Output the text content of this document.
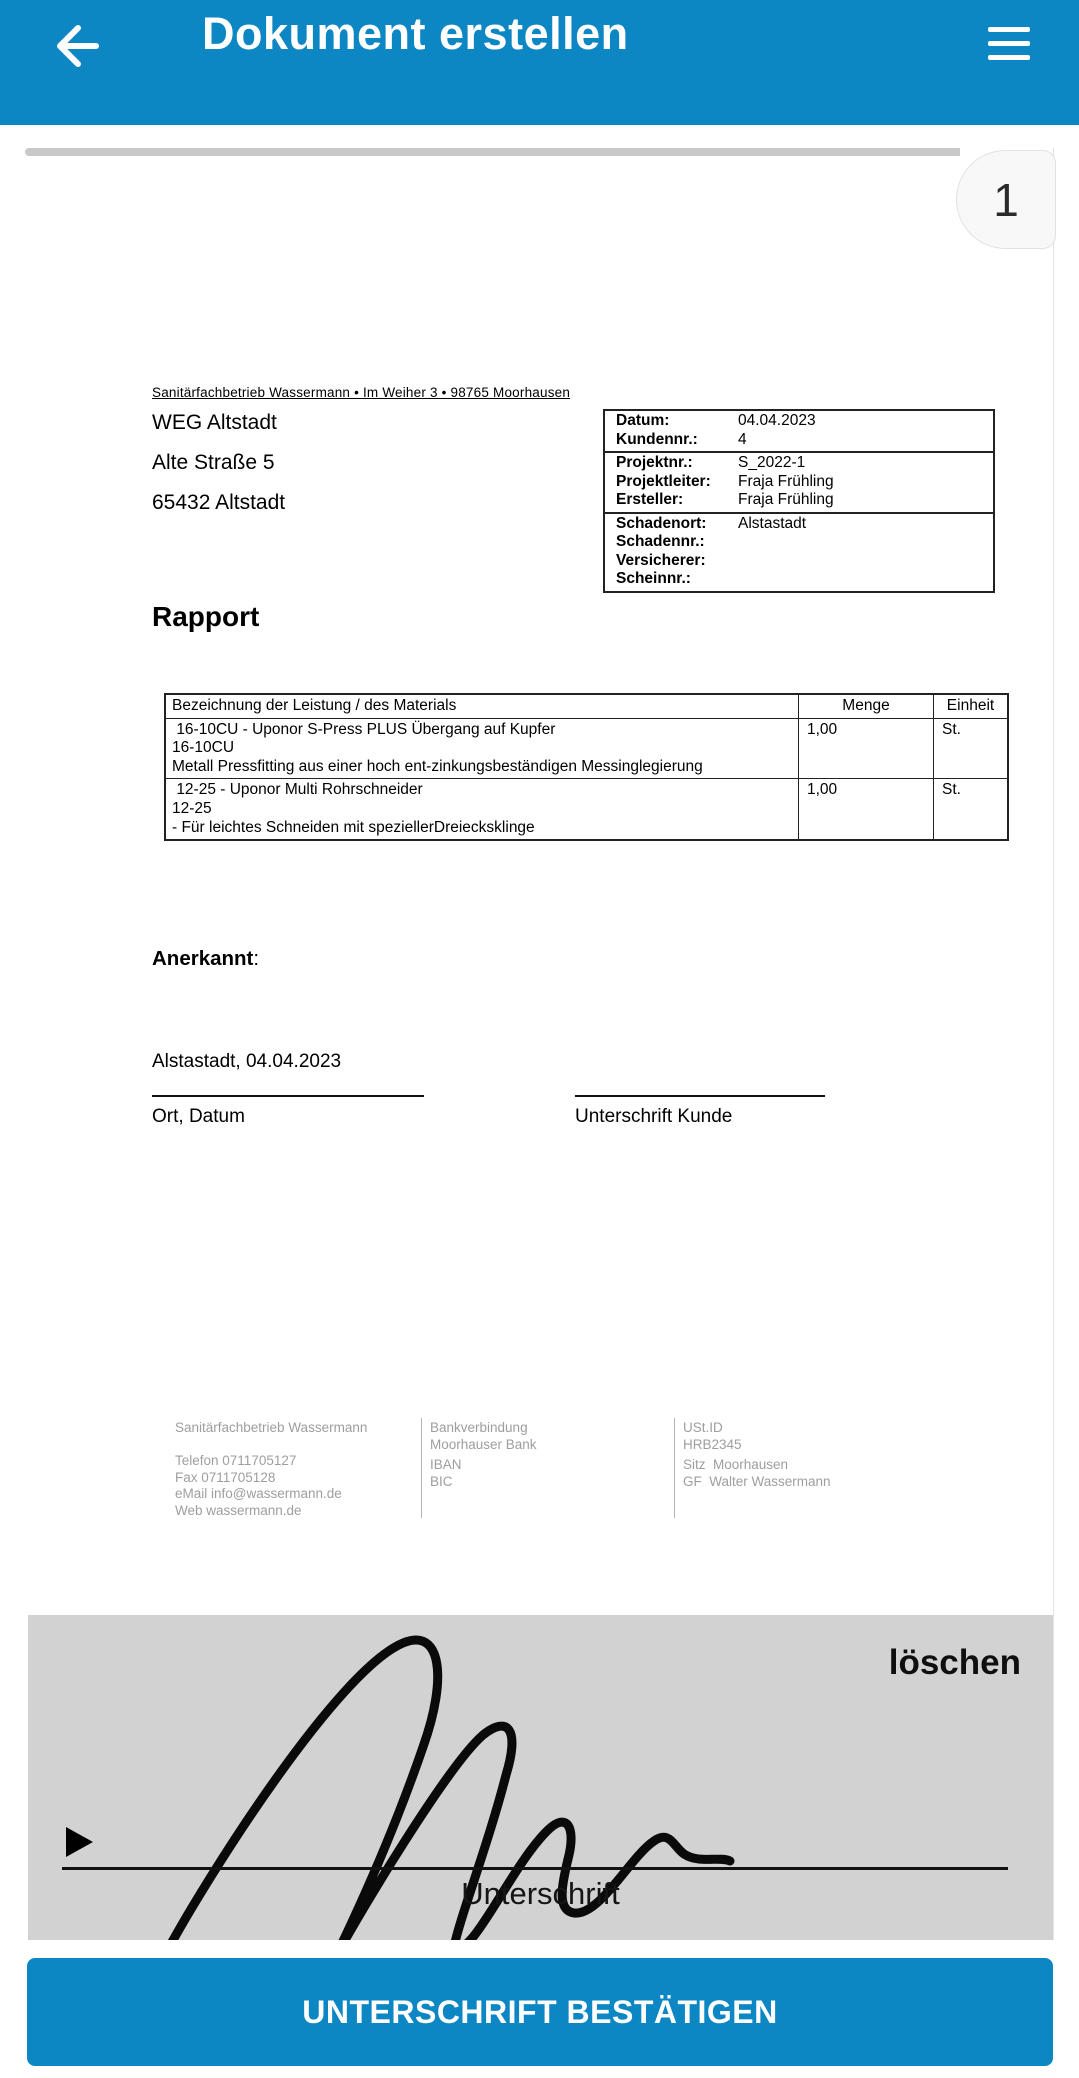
Dokument erstellen
Sanitärfachbetrieb Wassermann • Im Weiher 3 • 98765 Moorhausen
WEG Altstadt
Alte Straße 5
65432 Altstadt
Datum:	04.04.2023
Kundennr.:	4
Projektnr.:	S_2022-1
Projektleiter:	Fraja Frühling
Ersteller:	Fraja Frühling
Schadenort:	Alstastadt
Schadennr.:
Versicherer:
Scheinnr.:
Rapport
Bezeichnung der Leistung / des Materials	Menge	Einheit
16-10CU - Uponor S-Press PLUS Übergang auf Kupfer
16-10CU
Metall Pressfitting aus einer hoch ent-zinkungsbeständigen Messinglegierung
1,00	St.
12-25 - Uponor Multi Rohrschneider
12-25
- Für leichtes Schneiden mit speziellerDreiecksklinge
1,00	St.
Anerkannt:
Alstastadt, 04.04.2023
Ort, Datum	Unterschrift Kunde
Sanitärfachbetrieb Wassermann
Telefon 0711705127
Fax 0711705128
eMail info@wassermann.de
Web wassermann.de
Bankverbindung
Moorhauser Bank
IBAN
BIC
USt.ID
HRB2345
Sitz  Moorhausen
GF  Walter Wassermann
1
löschen
Unterschrift
UNTERSCHRIFT BESTÄTIGEN
